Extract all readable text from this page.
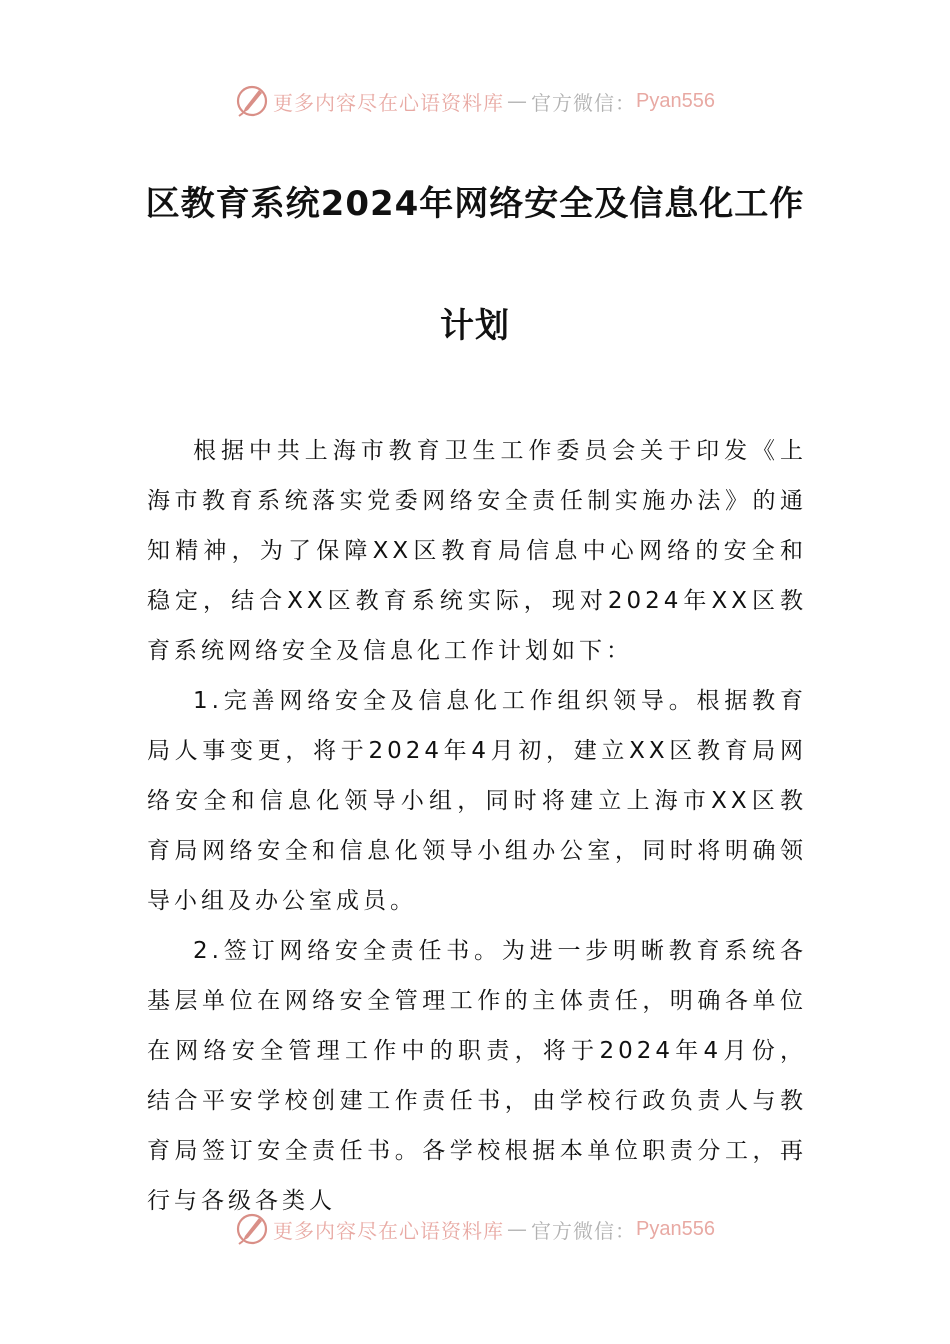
更多内容尽在心语资料库 — 官方微信： Pyan556
区教育系统2024年网络安全及信息化工作
计划

根据中共上海市教育卫生工作委员会关于印发《上海市教育系统落实党委网络安全责任制实施办法》的通知精神，为了保障XX区教育局信息中心网络的安全和稳定，结合XX区教育系统实际，现对2024年XX区教育系统网络安全及信息化工作计划如下：

1.完善网络安全及信息化工作组织领导。根据教育局人事变更，将于2024年4月初，建立XX区教育局网络安全和信息化领导小组，同时将建立上海市XX区教育局网络安全和信息化领导小组办公室，同时将明确领导小组及办公室成员。

2.签订网络安全责任书。为进一步明晰教育系统各基层单位在网络安全管理工作的主体责任，明确各单位在网络安全管理工作中的职责，将于2024年4月份，结合平安学校创建工作责任书，由学校行政负责人与教育局签订安全责任书。各学校根据本单位职责分工，再行与各级各类人

更多内容尽在心语资料库 — 官方微信： Pyan556
